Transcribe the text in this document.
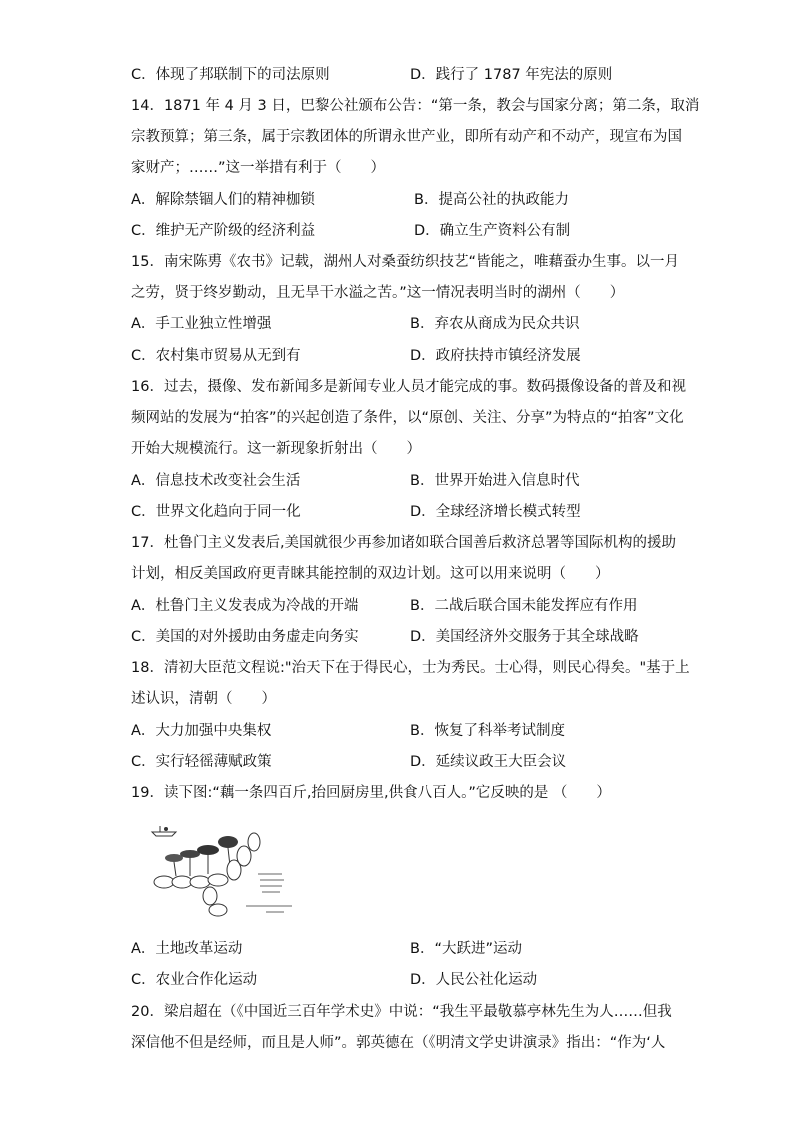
C．体现了邦联制下的司法原则	D．践行了 1787 年宪法的原则
14．1871 年 4 月 3 日，巴黎公社颁布公告：“第一条，教会与国家分离；第二条，取消
宗教预算；第三条，属于宗教团体的所谓永世产业，即所有动产和不动产，现宣布为国
家财产；……”这一举措有利于（　　）
A．解除禁锢人们的精神枷锁	B．提高公社的执政能力
C．维护无产阶级的经济利益	D．确立生产资料公有制
15．南宋陈旉《农书》记载，湖州人对桑蚕纺织技艺“皆能之，唯藉蚕办生事。以一月
之劳，贤于终岁勤动，且无旱干水溢之苦。”这一情况表明当时的湖州（　　）
A．手工业独立性增强	B．弃农从商成为民众共识
C．农村集市贸易从无到有	D．政府扶持市镇经济发展
16．过去，摄像、发布新闻多是新闻专业人员才能完成的事。数码摄像设备的普及和视
频网站的发展为“拍客”的兴起创造了条件，以“原创、关注、分享”为特点的“拍客”文化
开始大规模流行。这一新现象折射出（　　）
A．信息技术改变社会生活	B．世界开始进入信息时代
C．世界文化趋向于同一化	D．全球经济增长模式转型
17．杜鲁门主义发表后,美国就很少再参加诸如联合国善后救济总署等国际机构的援助
计划，相反美国政府更青睐其能控制的双边计划。这可以用来说明（　　）
A．杜鲁门主义发表成为冷战的开端	B．二战后联合国未能发挥应有作用
C．美国的对外援助由务虚走向务实	D．美国经济外交服务于其全球战略
18．清初大臣范文程说:"治天下在于得民心，士为秀民。士心得，则民心得矣。"基于上
述认识，清朝（　　）
A．大力加强中央集权	B．恢复了科举考试制度
C．实行轻徭薄赋政策	D．延续议政王大臣会议
19．读下图:“藕一条四百斤,抬回厨房里,供食八百人。”它反映的是 （　　）
A．土地改革运动	B．“大跃进”运动
C．农业合作化运动	D．人民公社化运动
20．梁启超在（《中国近三百年学术史》中说：“我生平最敬慕亭林先生为人……但我
深信他不但是经师，而且是人师”。郭英德在（《明清文学史讲演录》指出：“作为‘人
